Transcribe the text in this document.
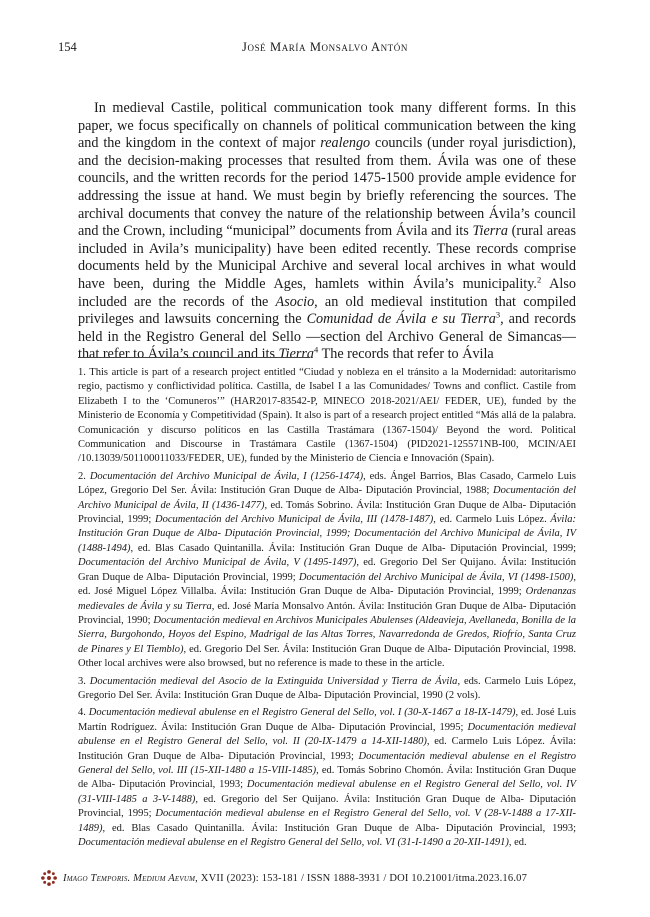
154	José María Monsalvo Antón

In medieval Castile, political communication took many different forms. In this paper, we focus specifically on channels of political communication between the king and the kingdom in the context of major realengo councils (under royal jurisdiction), and the decision-making processes that resulted from them. Ávila was one of these councils, and the written records for the period 1475-1500 provide ample evidence for addressing the issue at hand. We must begin by briefly referencing the sources. The archival documents that convey the nature of the relationship between Ávila’s council and the Crown, including “municipal” documents from Ávila and its Tierra (rural areas included in Avila’s municipality) have been edited recently. These records comprise documents held by the Municipal Archive and several local archives in what would have been, during the Middle Ages, hamlets within Ávila’s municipality.$^2$ Also included are the records of the Asocio, an old medieval institution that compiled privileges and lawsuits concerning the Comunidad de Ávila e su Tierra$^3$, and records held in the Registro General del Sello —section del Archivo General de Simancas— that refer to Ávila’s council and its Tierra$^4$ The records that refer to Ávila

1. This article is part of a research project entitled “Ciudad y nobleza en el tránsito a la Modernidad: autoritarismo regio, pactismo y conflictividad política. Castilla, de Isabel I a las Comunidades/ Towns and conflict. Castile from Elizabeth I to the ‘Comuneros’” (HAR2017-83542-P, MINECO 2018-2021/AEI/ FEDER, UE), funded by the Ministerio de Economía y Competitividad (Spain). It also is part of a research project entitled “Más allá de la palabra. Comunicación y discurso políticos en las Castilla Trastámara (1367-1504)/ Beyond the word. Political Communication and Discourse in Trastámara Castile (1367-1504) (PID2021-125571NB-I00, MCIN/AEI /10.13039/501100011033/FEDER, UE), funded by the Ministerio de Ciencia e Innovación (Spain).

2. Documentación del Archivo Municipal de Ávila, I (1256-1474), eds. Ángel Barrios, Blas Casado, Carmelo Luis López, Gregorio Del Ser. Ávila: Institución Gran Duque de Alba- Diputación Provincial, 1988; Documentación del Archivo Municipal de Ávila, II (1436-1477), ed. Tomás Sobrino. Ávila: Institución Gran Duque de Alba- Diputación Provincial, 1999; Documentación del Archivo Municipal de Ávila, III (1478-1487), ed. Carmelo Luis López. Ávila: Institución Gran Duque de Alba- Diputación Provincial, 1999; Documentación del Archivo Municipal de Ávila, IV (1488-1494), ed. Blas Casado Quintanilla. Ávila: Institución Gran Duque de Alba- Diputación Provincial, 1999; Documentación del Archivo Municipal de Ávila, V (1495-1497), ed. Gregorio Del Ser Quijano. Ávila: Institución Gran Duque de Alba- Diputación Provincial, 1999; Documentación del Archivo Municipal de Ávila, VI (1498-1500), ed. José Miguel López Villalba. Ávila: Institución Gran Duque de Alba- Diputación Provincial, 1999; Ordenanzas medievales de Ávila y su Tierra, ed. José María Monsalvo Antón. Ávila: Institución Gran Duque de Alba- Diputación Provincial, 1990; Documentación medieval en Archivos Municipales Abulenses (Aldeavieja, Avellaneda, Bonilla de la Sierra, Burgohondo, Hoyos del Espino, Madrigal de las Altas Torres, Navarredonda de Gredos, Riofrío, Santa Cruz de Pinares y El Tiemblo), ed. Gregorio Del Ser. Ávila: Institución Gran Duque de Alba- Diputación Provincial, 1998. Other local archives were also browsed, but no reference is made to these in the article.

3. Documentación medieval del Asocio de la Extinguida Universidad y Tierra de Ávila, eds. Carmelo Luis López, Gregorio Del Ser. Ávila: Institución Gran Duque de Alba- Diputación Provincial, 1990 (2 vols).

4. Documentación medieval abulense en el Registro General del Sello, vol. I (30-X-1467 a 18-IX-1479), ed. José Luis Martín Rodríguez. Ávila: Institución Gran Duque de Alba- Diputación Provincial, 1995; Documentación medieval abulense en el Registro General del Sello, vol. II (20-IX-1479 a 14-XII-1480), ed. Carmelo Luis López. Ávila: Institución Gran Duque de Alba- Diputación Provincial, 1993; Documentación medieval abulense en el Registro General del Sello, vol. III (15-XII-1480 a 15-VIII-1485), ed. Tomás Sobrino Chomón. Ávila: Institución Gran Duque de Alba- Diputación Provincial, 1993; Documentación medieval abulense en el Registro General del Sello, vol. IV (31-VIII-1485 a 3-V-1488), ed. Gregorio del Ser Quijano. Ávila: Institución Gran Duque de Alba- Diputación Provincial, 1995; Documentación medieval abulense en el Registro General del Sello, vol. V (28-V-1488 a 17-XII-1489), ed. Blas Casado Quintanilla. Ávila: Institución Gran Duque de Alba- Diputación Provincial, 1993; Documentación medieval abulense en el Registro General del Sello, vol. VI (31-I-1490 a 20-XII-1491), ed.

Imago Temporis. Medium Aevum, XVII (2023): 153-181 / ISSN 1888-3931 / DOI 10.21001/itma.2023.16.07
